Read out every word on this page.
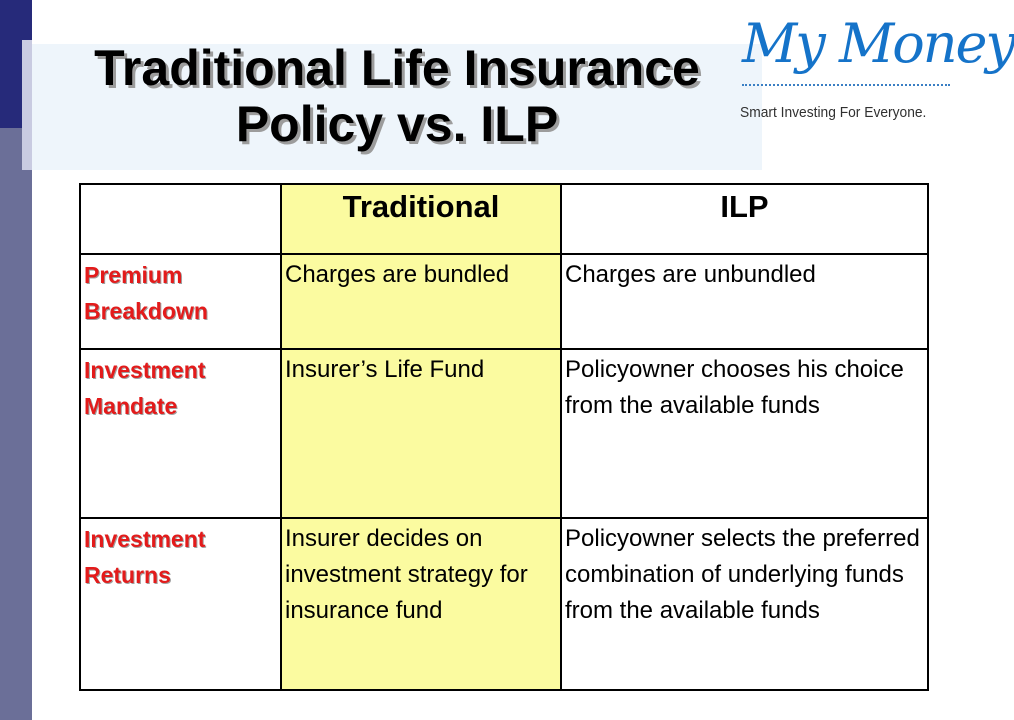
Traditional Life Insurance
Policy vs. ILP
My Money
Smart Investing For Everyone.
	Traditional	ILP
Premium Breakdown	Charges are bundled	Charges are unbundled
Investment Mandate	Insurer’s Life Fund	Policyowner chooses his choice from the available funds
Investment Returns	Insurer decides on investment strategy for insurance fund	Policyowner selects the preferred combination of underlying funds from the available funds
